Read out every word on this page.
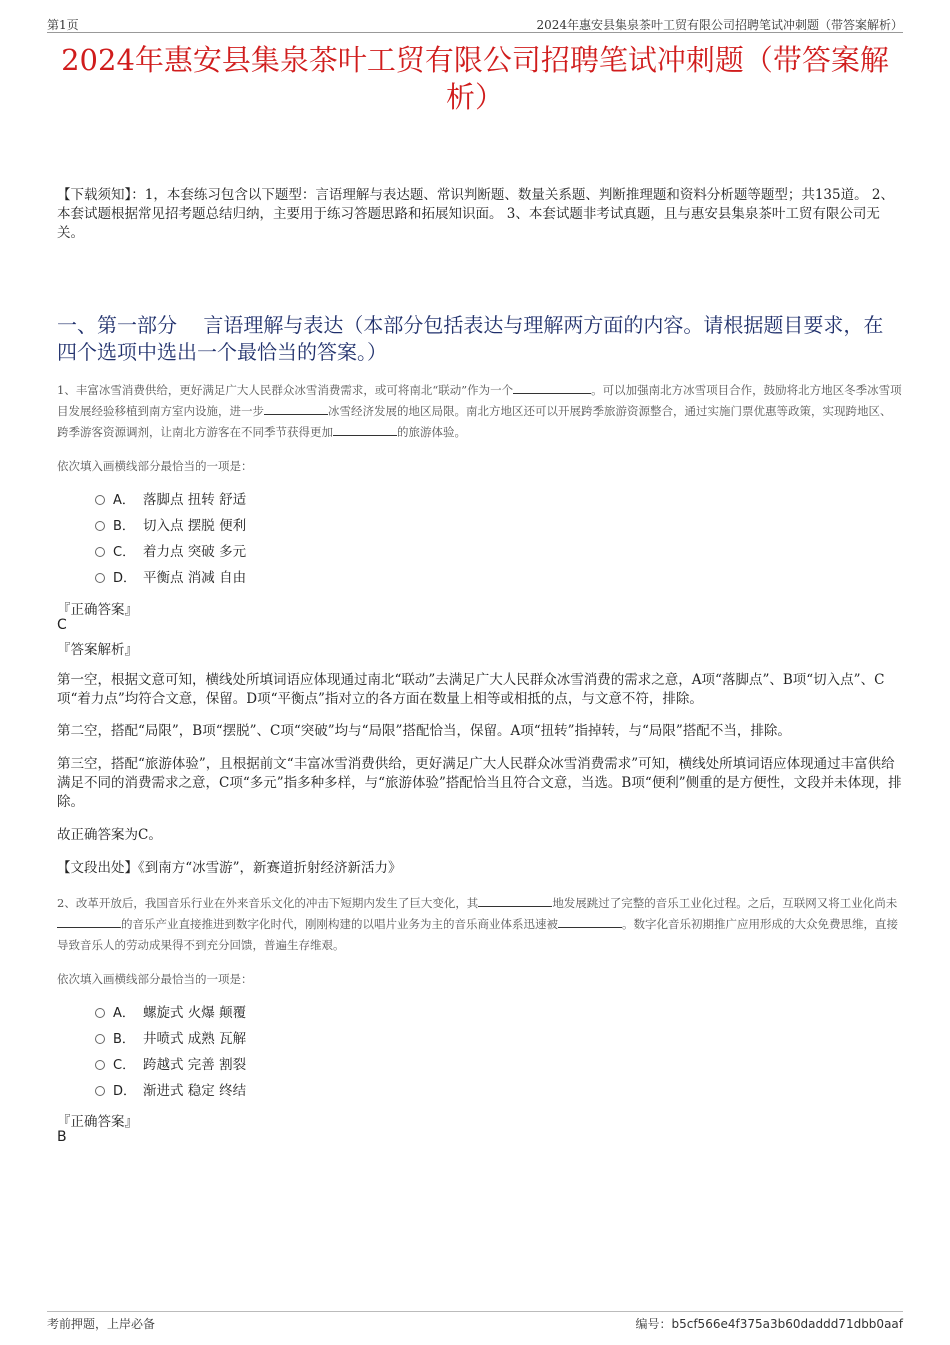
第1页	2024年惠安县集泉茶叶工贸有限公司招聘笔试冲刺题（带答案解析）
2024年惠安县集泉茶叶工贸有限公司招聘笔试冲刺题（带答案解析）

【下载须知】：1，本套练习包含以下题型：言语理解与表达题、常识判断题、数量关系题、判断推理题和资料分析题等题型；共135道。 2、本套试题根据常见招考题总结归纳，主要用于练习答题思路和拓展知识面。 3、本套试题非考试真题，且与惠安县集泉茶叶工贸有限公司无关。

一、第一部分　 言语理解与表达（本部分包括表达与理解两方面的内容。请根据题目要求，在四个选项中选出一个最恰当的答案。）

1、丰富冰雪消费供给，更好满足广大人民群众冰雪消费需求，或可将南北“联动”作为一个	。可以加强南北方冰雪项目合作，鼓励将北方地区冬季冰雪项目发展经验移植到南方室内设施，进一步	冰雪经济发展的地区局限。南北方地区还可以开展跨季旅游资源整合，通过实施门票优惠等政策，实现跨地区、跨季游客资源调剂，让南北方游客在不同季节获得更加	的旅游体验。

依次填入画横线部分最恰当的一项是：
A． 落脚点 扭转 舒适
B． 切入点 摆脱 便利
C． 着力点 突破 多元
D． 平衡点 消减 自由
『正确答案』
C
『答案解析』

第一空，根据文意可知，横线处所填词语应体现通过南北“联动”去满足广大人民群众冰雪消费的需求之意，A项“落脚点”、B项“切入点”、C项“着力点”均符合文意，保留。D项“平衡点”指对立的各方面在数量上相等或相抵的点，与文意不符，排除。

第二空，搭配“局限”，B项“摆脱”、C项“突破”均与“局限”搭配恰当，保留。A项“扭转”指掉转，与“局限”搭配不当，排除。

第三空，搭配“旅游体验”，且根据前文“丰富冰雪消费供给，更好满足广大人民群众冰雪消费需求”可知，横线处所填词语应体现通过丰富供给满足不同的消费需求之意，C项“多元”指多种多样，与“旅游体验”搭配恰当且符合文意，当选。B项“便利”侧重的是方便性，文段并未体现，排除。

故正确答案为C。

【文段出处】《到南方“冰雪游”，新赛道折射经济新活力》

2、改革开放后，我国音乐行业在外来音乐文化的冲击下短期内发生了巨大变化，其	地发展跳过了完整的音乐工业化过程。之后，互联网又将工业化尚未的音乐产业直接推进到数字化时代，刚刚构建的以唱片业务为主的音乐商业体系迅速被	。数字化音乐初期推广应用形成的大众免费思维，直接导致音乐人的劳动成果得不到充分回馈，普遍生存维艰。

依次填入画横线部分最恰当的一项是：
A． 螺旋式 火爆 颠覆
B． 井喷式 成熟 瓦解
C． 跨越式 完善 割裂
D． 渐进式 稳定 终结
『正确答案』
B
考前押题，上岸必备	编号：b5cf566e4f375a3b60daddd71dbb0aaf
